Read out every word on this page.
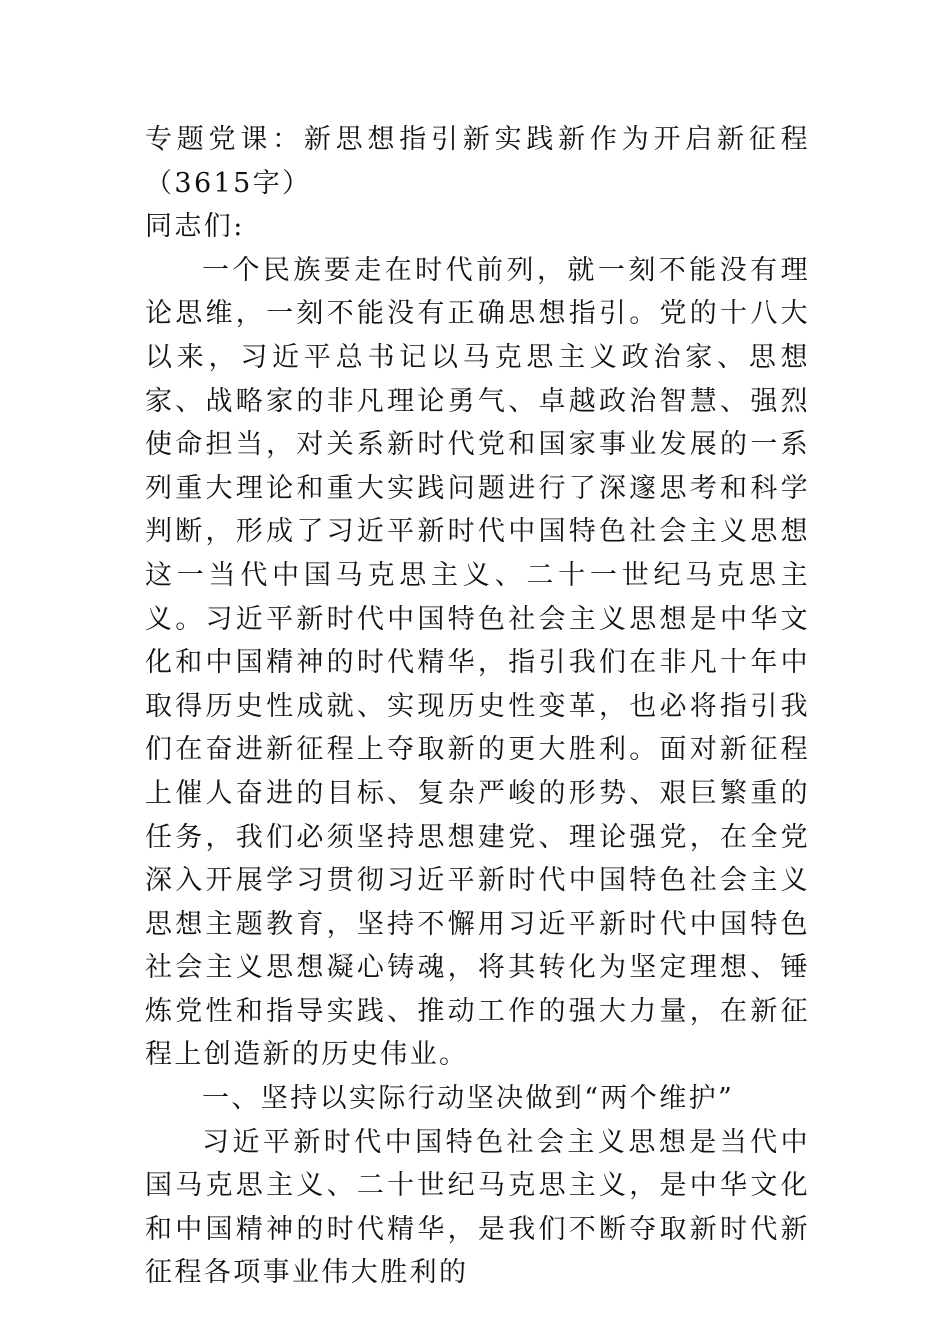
专题党课：新思想指引新实践新作为开启新征程（3615字）

同志们:

一个民族要走在时代前列，就一刻不能没有理论思维，一刻不能没有正确思想指引。党的十八大以来，习近平总书记以马克思主义政治家、思想家、战略家的非凡理论勇气、卓越政治智慧、强烈使命担当，对关系新时代党和国家事业发展的一系列重大理论和重大实践问题进行了深邃思考和科学判断，形成了习近平新时代中国特色社会主义思想这一当代中国马克思主义、二十一世纪马克思主义。习近平新时代中国特色社会主义思想是中华文化和中国精神的时代精华，指引我们在非凡十年中取得历史性成就、实现历史性变革，也必将指引我们在奋进新征程上夺取新的更大胜利。面对新征程上催人奋进的目标、复杂严峻的形势、艰巨繁重的任务，我们必须坚持思想建党、理论强党，在全党深入开展学习贯彻习近平新时代中国特色社会主义思想主题教育，坚持不懈用习近平新时代中国特色社会主义思想凝心铸魂，将其转化为坚定理想、锤炼党性和指导实践、推动工作的强大力量，在新征程上创造新的历史伟业。

一、坚持以实际行动坚决做到“两个维护”

习近平新时代中国特色社会主义思想是当代中国马克思主义、二十世纪马克思主义，是中华文化和中国精神的时代精华，是我们不断夺取新时代新征程各项事业伟大胜利的
